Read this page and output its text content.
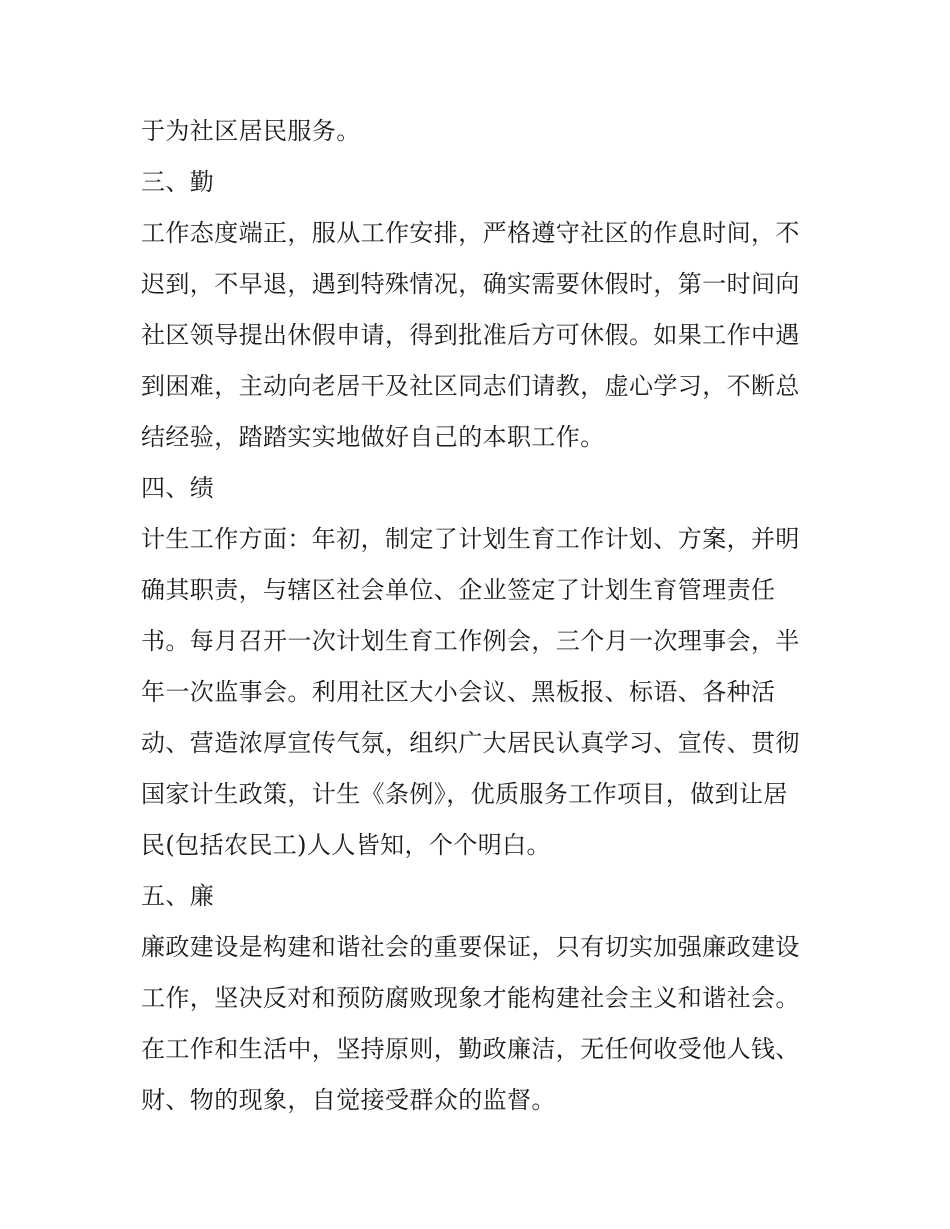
于为社区居民服务。
三、勤
工作态度端正，服从工作安排，严格遵守社区的作息时间，不
迟到，不早退，遇到特殊情况，确实需要休假时，第一时间向
社区领导提出休假申请，得到批准后方可休假。如果工作中遇
到困难，主动向老居干及社区同志们请教，虚心学习，不断总
结经验，踏踏实实地做好自己的本职工作。
四、绩
计生工作方面：年初，制定了计划生育工作计划、方案，并明
确其职责，与辖区社会单位、企业签定了计划生育管理责任
书。每月召开一次计划生育工作例会，三个月一次理事会，半
年一次监事会。利用社区大小会议、黑板报、标语、各种活
动、营造浓厚宣传气氛，组织广大居民认真学习、宣传、贯彻
国家计生政策，计生《条例》，优质服务工作项目，做到让居
民(包括农民工)人人皆知，个个明白。
五、廉
廉政建设是构建和谐社会的重要保证，只有切实加强廉政建设
工作，坚决反对和预防腐败现象才能构建社会主义和谐社会。
在工作和生活中，坚持原则，勤政廉洁，无任何收受他人钱、
财、物的现象，自觉接受群众的监督。
